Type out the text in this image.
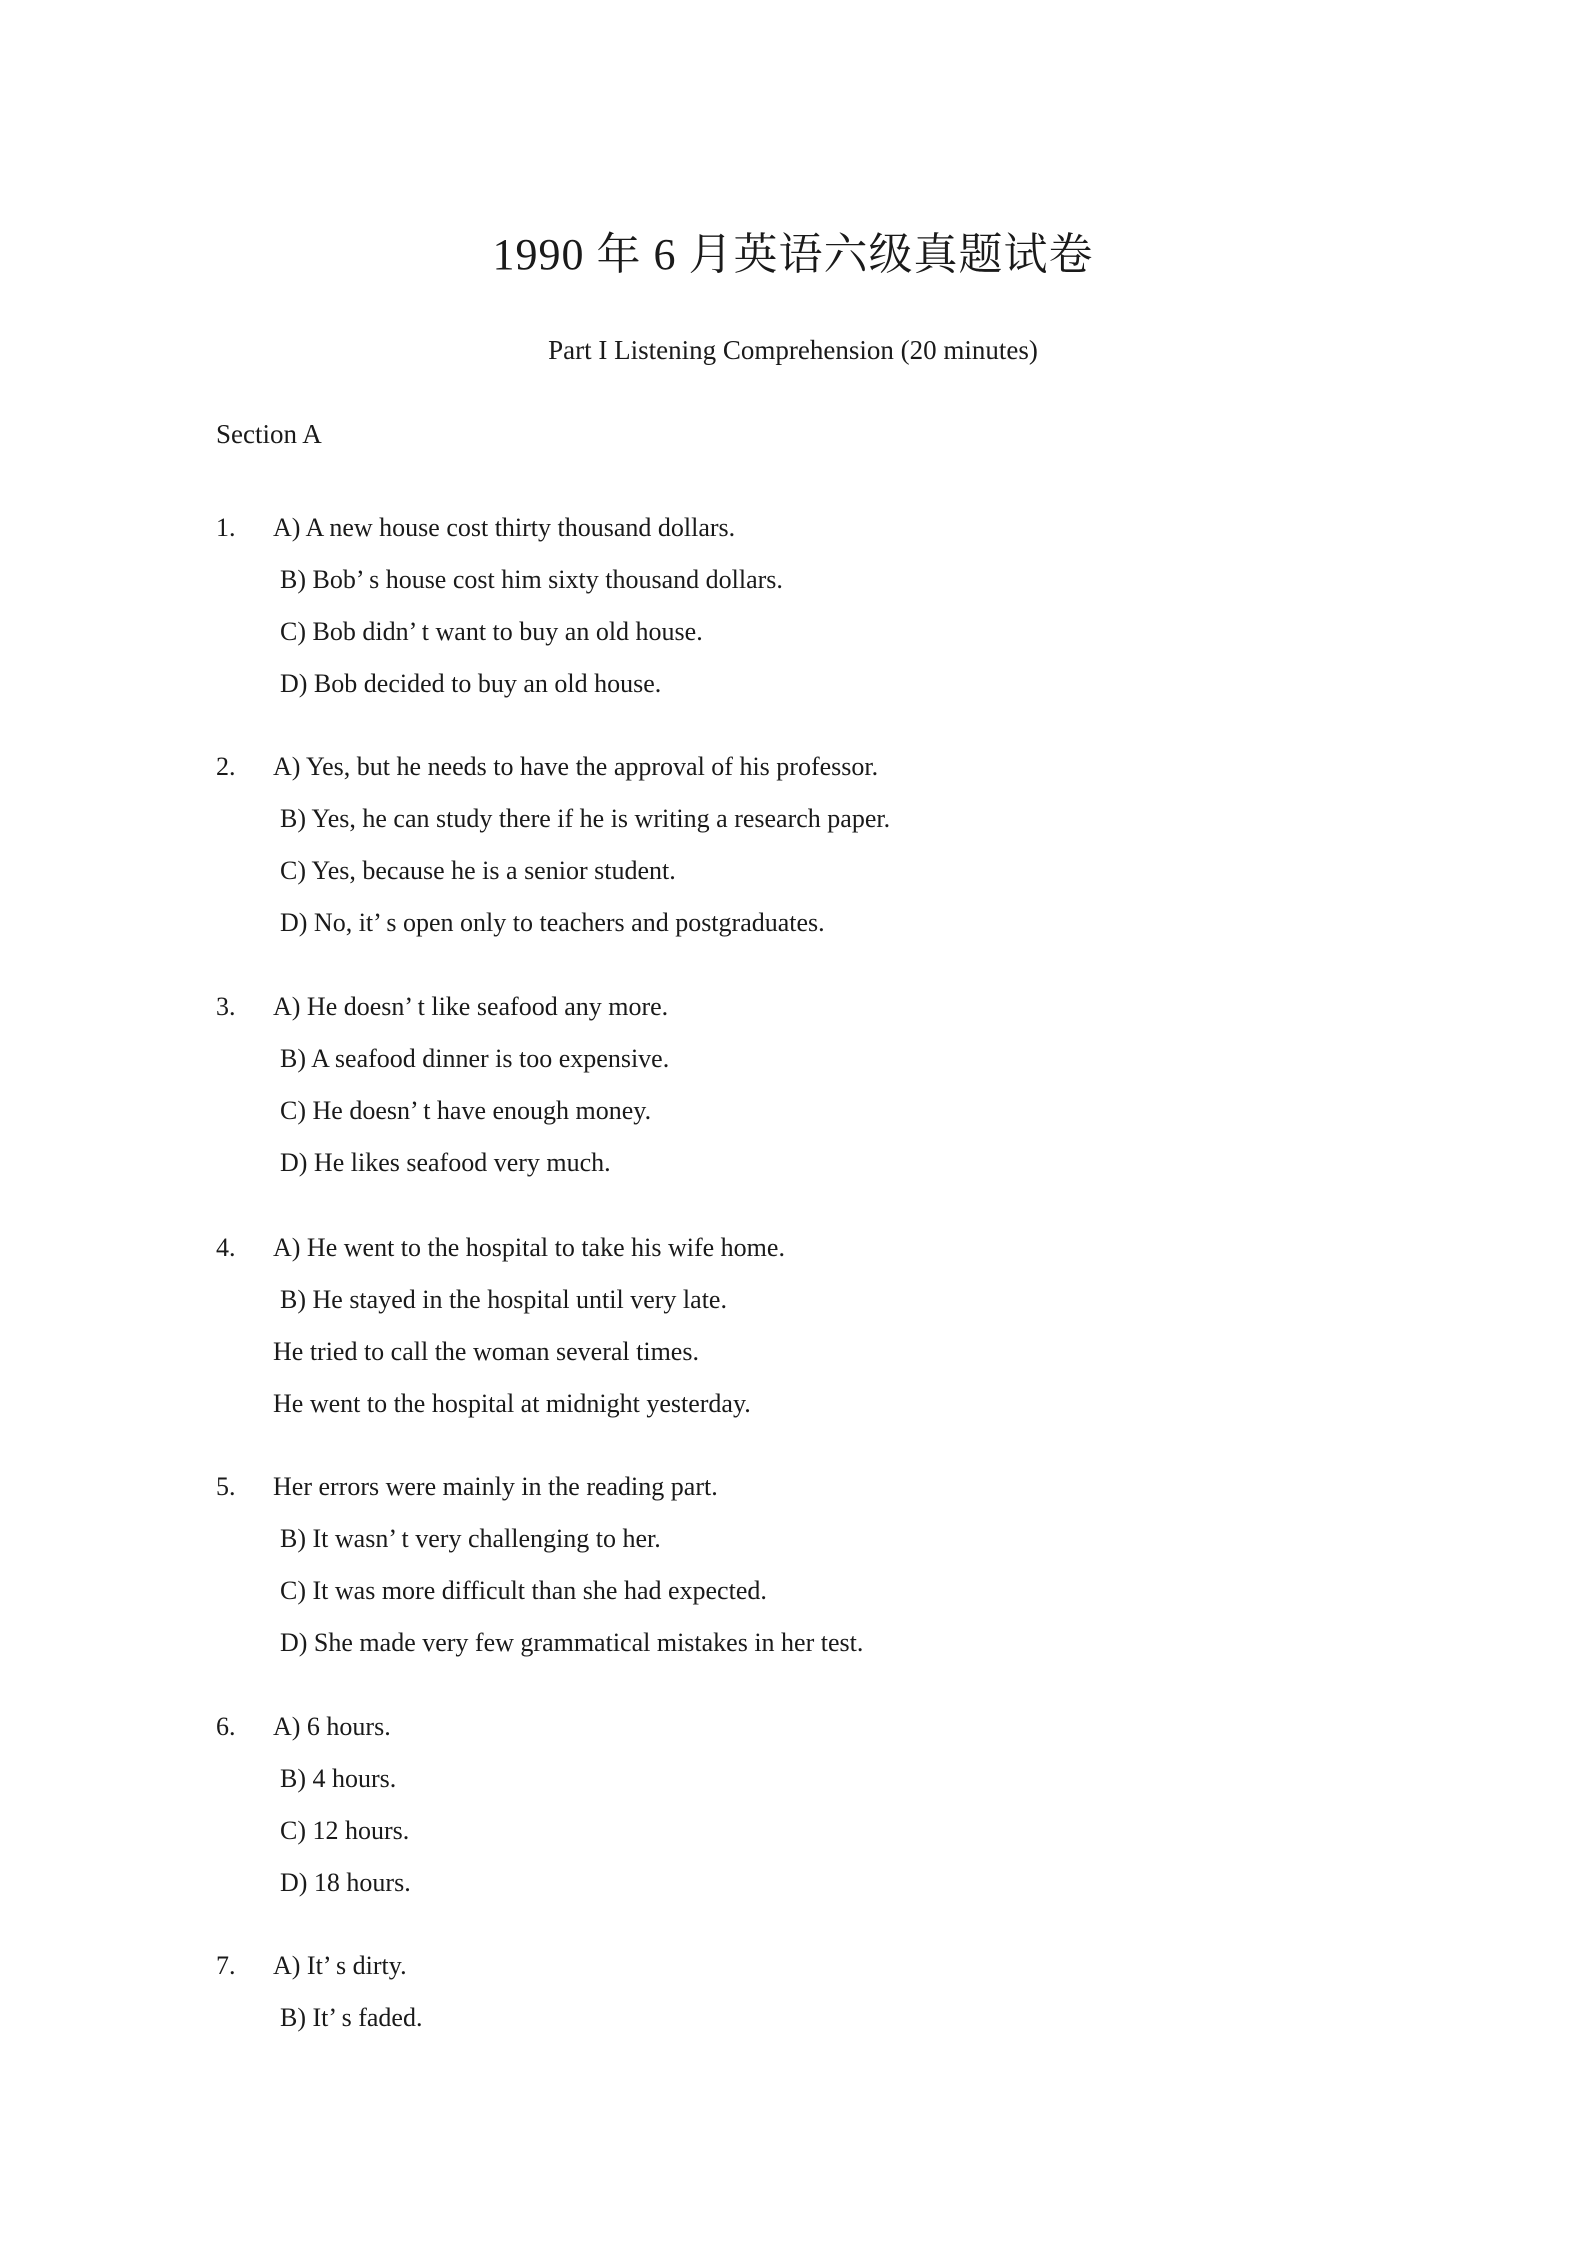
1990 年 6 月英语六级真题试卷
Part I Listening Comprehension (20 minutes)
Section A
1. A) A new house cost thirty thousand dollars.
B) Bob’ s house cost him sixty thousand dollars.
C) Bob didn’ t want to buy an old house.
D) Bob decided to buy an old house.
2. A) Yes, but he needs to have the approval of his professor.
B) Yes, he can study there if he is writing a research paper.
C) Yes, because he is a senior student.
D) No, it’ s open only to teachers and postgraduates.
3. A) He doesn’ t like seafood any more.
B) A seafood dinner is too expensive.
C) He doesn’ t have enough money.
D) He likes seafood very much.
4. A) He went to the hospital to take his wife home.
B) He stayed in the hospital until very late.
He tried to call the woman several times.
He went to the hospital at midnight yesterday.
5. Her errors were mainly in the reading part.
B) It wasn’ t very challenging to her.
C) It was more difficult than she had expected.
D) She made very few grammatical mistakes in her test.
6. A) 6 hours.
B) 4 hours.
C) 12 hours.
D) 18 hours.
7. A) It’ s dirty.
B) It’ s faded.
